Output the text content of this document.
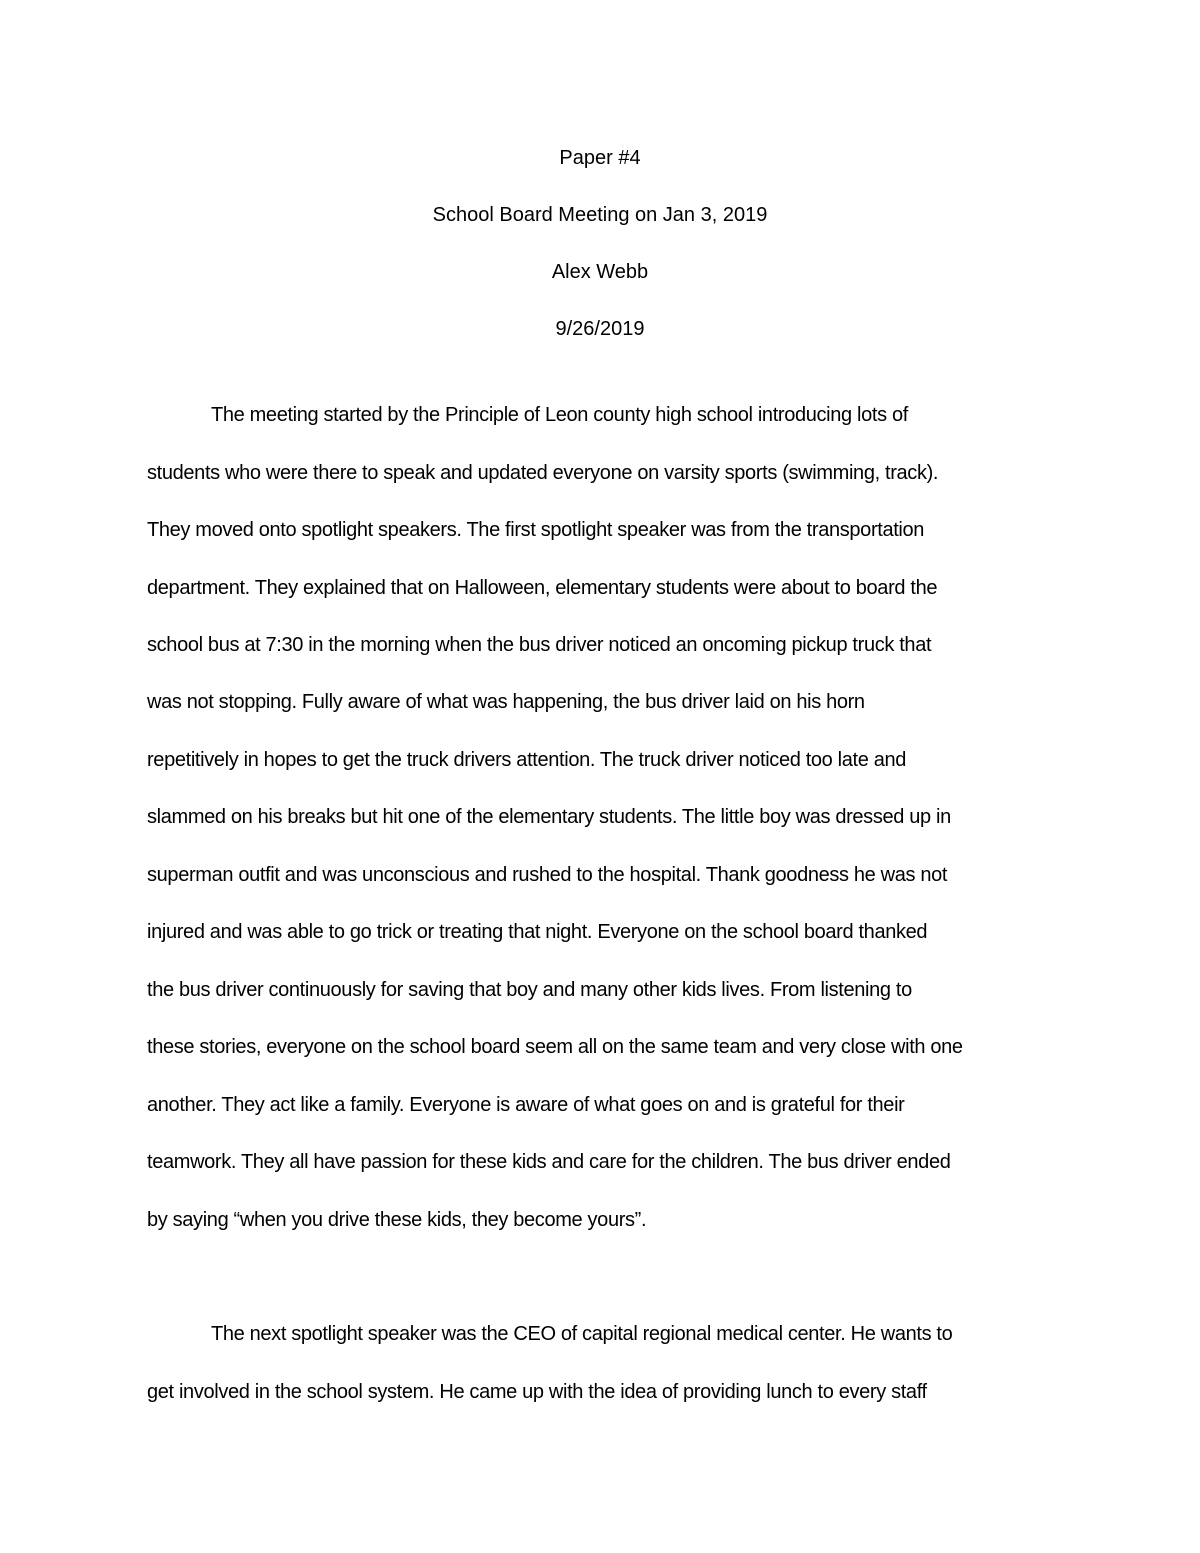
Paper #4
School Board Meeting on Jan 3, 2019
Alex Webb
9/26/2019
The meeting started by the Principle of Leon county high school introducing lots of
students who were there to speak and updated everyone on varsity sports (swimming, track).
They moved onto spotlight speakers. The first spotlight speaker was from the transportation
department. They explained that on Halloween, elementary students were about to board the
school bus at 7:30 in the morning when the bus driver noticed an oncoming pickup truck that
was not stopping. Fully aware of what was happening, the bus driver laid on his horn
repetitively in hopes to get the truck drivers attention. The truck driver noticed too late and
slammed on his breaks but hit one of the elementary students. The little boy was dressed up in
superman outfit and was unconscious and rushed to the hospital. Thank goodness he was not
injured and was able to go trick or treating that night. Everyone on the school board thanked
the bus driver continuously for saving that boy and many other kids lives. From listening to
these stories, everyone on the school board seem all on the same team and very close with one
another. They act like a family. Everyone is aware of what goes on and is grateful for their
teamwork. They all have passion for these kids and care for the children. The bus driver ended
by saying “when you drive these kids, they become yours”.
The next spotlight speaker was the CEO of capital regional medical center. He wants to
get involved in the school system. He came up with the idea of providing lunch to every staff
